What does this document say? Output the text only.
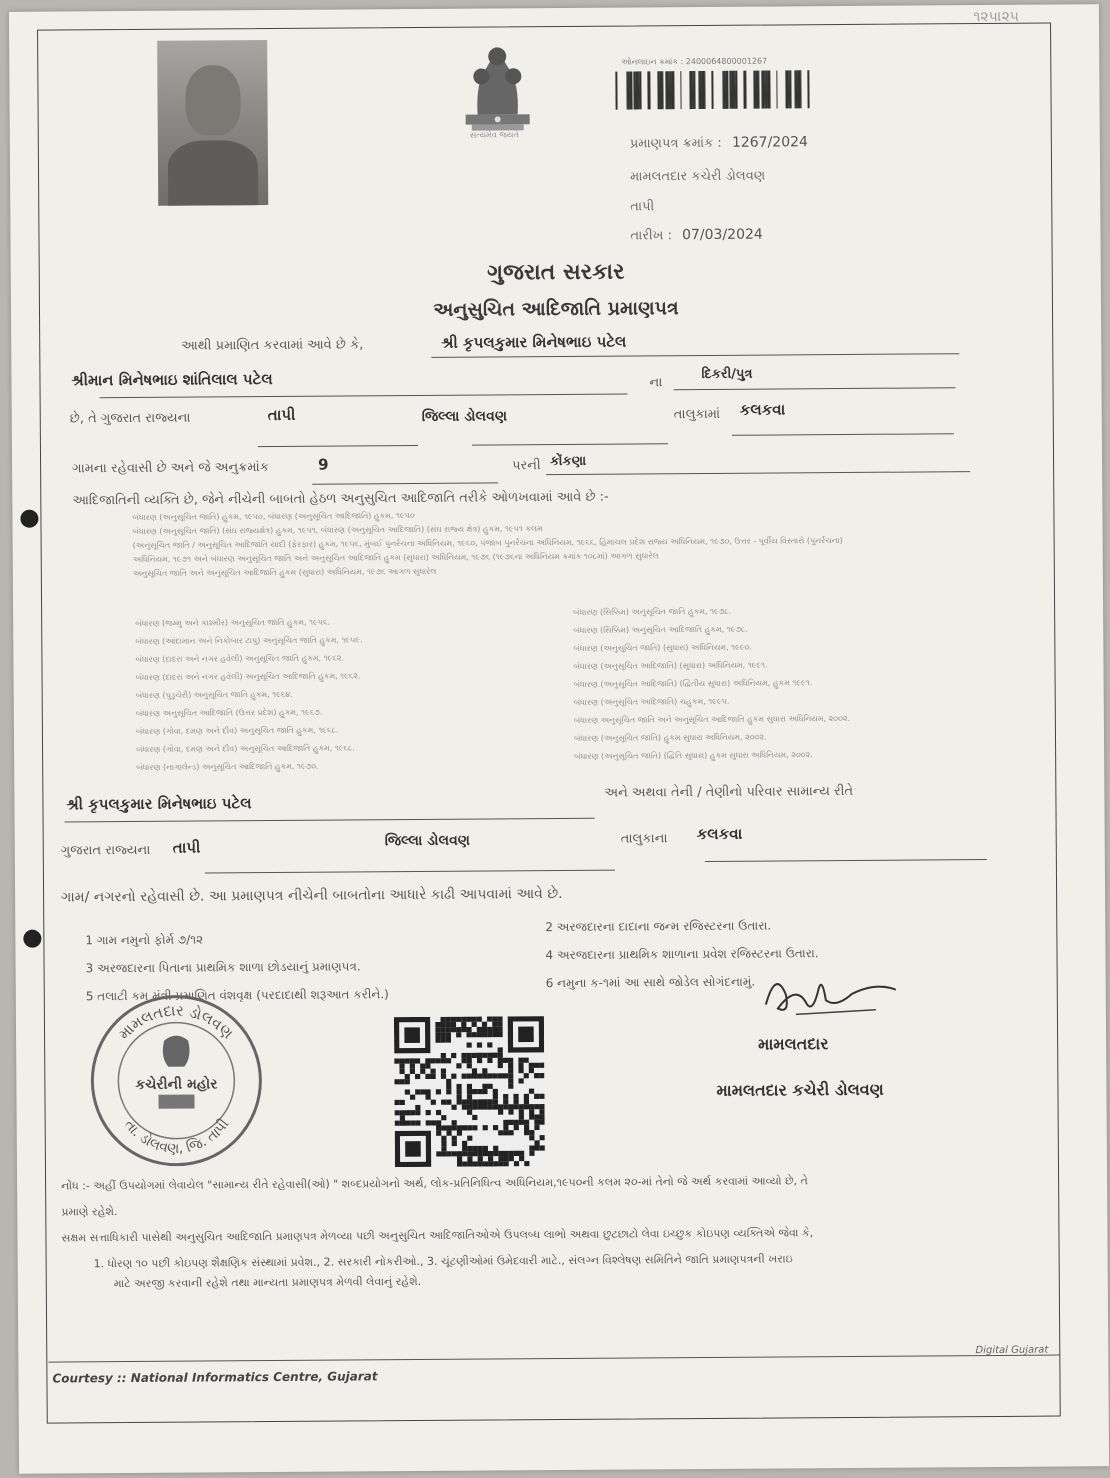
૧૨૫।૨૫
સત્યમેવ જયતે
ઓનલાઇન ક્રમાંક : 2400064800001267
પ્રમાણપત્ર ક્રમાંક : 1267/2024
મામલતદાર કચેરી ડોલવણ
તાપી
તારીખ : 07/03/2024
ગુજરાત સરકાર
અનુસુચિત આદિજાતિ પ્રમાણપત્ર
આથી પ્રમાણિત કરવામાં આવે છે કે,	શ્રી કૃપલકુમાર મિનેષભાઇ પટેલ
શ્રીમાન મિનેષભાઇ શાંતિલાલ પટેલ	ના
દિકરી/પુત્ર
છે, તે ગુજરાત રાજ્યના	તાપી	જિલ્લા ડોલવણ	તાલુકામાં કલકવા
ગામના રહેવાસી છે અને જે અનુક્રમાંક	9	પરની કોંકણા
આદિજાતિની વ્યક્તિ છે, જેને નીચેની બાબતો હેઠળ અનુસુચિત આદિજાતિ તરીકે ઓળખવામાં આવે છે :-
બંધારણ (અનુસૂચિત જાતિ) હુકમ, ૧૯૫૦, બંધારણ (અનુસૂચિત આદિજાતિ) હુકમ, ૧૯૫૦
બંધારણ (અનુસૂચિત જાતિ) (સંઘ રાજ્યક્ષેત્ર) હુકમ, ૧૯૫૧, બંધારણ (અનુસૂચિત આદિજાતિ) (સંઘ રાજ્ય ક્ષેત્ર) હુકમ, ૧૯૫૧ કલમ
(અનુસૂચિત જાતિ / અનુસૂચિત આદિજાતિ યાદી (ફેરફાર) હુકમ, ૧૯૫૬, મુંબઈ પુનર્રચના અધિનિયમ, ૧૯૬૦, પંજાબ પુનર્રચના અધિનિયમ, ૧૯૬૬, હિમાચલ પ્રદેશ રાજ્ય અધિનિયમ, ૧૯૭૦, ઉત્તર - પૂર્વીય વિસ્તારો (પુનર્રચના)
અધિનિયમ, ૧૯૭૧ અને બંધારણ અનુસૂચિત જાતિ અને અનુસૂચિત આદિજાતિ હુકમ (સુધારા) અધિનિયમ, ૧૯૭૬ (૧૯૭૬ના અધિનિયમ ક્રમાંક ૧૦૮માં) આગળ સુધારેલ
અનુસૂચિત જાતિ અને અનુસૂચિત આદિજાતિ હુકમ (સુધારા) અધિનિયમ, ૧૯૭૬ આગળ સુધારેલ
બંધારણ (જમ્મુ અને કાશ્મીર) અનુસૂચિત જાતિ હુકમ, ૧૯૫૬.
બંધારણ (આંદામાન અને નિકોબાર ટાપુ) અનુસૂચિત જાતિ હુકમ, ૧૯૫૯.
બંધારણ (દાદરા અને નગર હવેલી) અનુસૂચિત જાતિ હુકમ, ૧૯૬૨.
બંધારણ (દાદરા અને નગર હવેલી) અનુસૂચિત આદિજાતિ હુકમ, ૧૯૬૨.
બંધારણ (પુડુચેરી) અનુસૂચિત જાતિ હુકમ, ૧૯૬૪.
બંધારણ અનુસૂચિત આદિજાતિ (ઉત્તર પ્રદેશ) હુકમ, ૧૯૬૭.
બંધારણ (ગોવા, દમણ અને દીવ) અનુસૂચિત જાતિ હુકમ, ૧૯૬૮.
બંધારણ (ગોવા, દમણ અને દીવ) અનુસૂચિત આદિજાતિ હુકમ, ૧૯૬૮.
બંધારણ (નાગાલેન્ડ) અનુસૂચિત આદિજાતિ હુકમ, ૧૯૭૦.
બંધારણ (સિક્કિમ) અનુસૂચિત જાતિ હુકમ, ૧૯૭૮.
બંધારણ (સિક્કિમ) અનુસૂચિત આદિજાતિ હુકમ, ૧૯૭૮.
બંધારણ (અનુસૂચિત જાતિ) (સુધારા) અધિનિયમ, ૧૯૯૦.
બંધારણ (અનુસૂચિત આદિજાતિ) (સુધારા) અધિનિયમ, ૧૯૯૧.
બંધારણ (અનુસૂચિત આદિજાતિ) (દ્વિતીય સુધારા) અધિનિયમ, હુકમ ૧૯૯૧.
બંધારણ (અનુસૂચિત આદિજાતિ) ચહુકમ, ૧૯૯૫.
બંધારણ અનુસૂચિત જાતિ અને અનુસૂચિત આદિજાતિ હુકમ સુધારા અધિનિયમ, ૨૦૦૨.
બંધારણ (અનુસૂચિત જાતિ) હુકમ સુધારા અધિનિયમ, ૨૦૦૨.
બંધારણ (અનુસૂચિત જાતિ) (દ્વિતિ સુધારા) હુકમ સુધારા અધિનિયમ, ૨૦૦૨.
શ્રી કૃપલકુમાર મિનેષભાઇ પટેલ
અને અથવા તેની / તેણીનો પરિવાર સામાન્ય રીતે
ગુજરાત રાજ્યના તાપી	જિલ્લા ડોલવણ	તાલુકાના કલકવા
ગામ/ નગરનો રહેવાસી છે. આ પ્રમાણપત્ર નીચેની બાબતોના આધારે કાઢી આપવામાં આવે છે.
1 ગામ નમુનો ફોર્મ ૭/૧૨
3 અરજદારના પિતાના પ્રાથમિક શાળા છોડયાનું પ્રમાણપત્ર.
5 તલાટી કમ મંત્રી પ્રમાણિત વંશવૃક્ષ (પરદાદાથી શરૂઆત કરીને.)
2 અરજદારના દાદાના જન્મ રજિસ્ટરના ઉતારા.
4 અરજદારના પ્રાથમિક શાળાના પ્રવેશ રજિસ્ટરના ઉતારા.
6 નમુના ક-૧માં આ સાથે જોડેલ સોગંદનામું.
મામલતદાર ડોલવણ
તા. ડોલવણ, જિ. તાપી
કચેરીની મહોર
મામલતદાર
મામલતદાર કચેરી ડોલવણ
નોંધ :- અહીં ઉપયોગમાં લેવાયેલ "સામાન્ય રીતે રહેવાસી(ઓ) " શબ્દપ્રયોગનો અર્થ, લોક-પ્રતિનિધિત્વ અધિનિયમ,૧૯૫૦ની કલમ ૨૦-માં તેનો જે અર્થ કરવામાં આવ્યો છે, તે
પ્રમાણે રહેશે.
સક્ષમ સત્તાધિકારી પાસેથી અનુસુચિત આદિજાતિ પ્રમાણપત્ર મેળવ્યા પછી અનુસુચિત આદિજાતિઓએ ઉપલબ્ધ લાભો અથવા છુટછાટો લેવા ઇચ્છુક કોઇપણ વ્યક્તિએ જેવા કે,
1. ધોરણ ૧૦ પછી કોઇપણ શૈક્ષણિક સંસ્થામાં પ્રવેશ., 2. સરકારી નોકરીઓ., 3. ચૂંટણીઓમાં ઉમેદવારી માટે., સંલગ્ન વિશ્લેષણ સમિતિને જાતિ પ્રમાણપત્રની ખરાઇ
માટે અરજી કરવાની રહેશે તથા માન્યતા પ્રમાણપત્ર મેળવી લેવાનું રહેશે.
Courtesy :: National Informatics Centre, Gujarat
Digital Gujarat
